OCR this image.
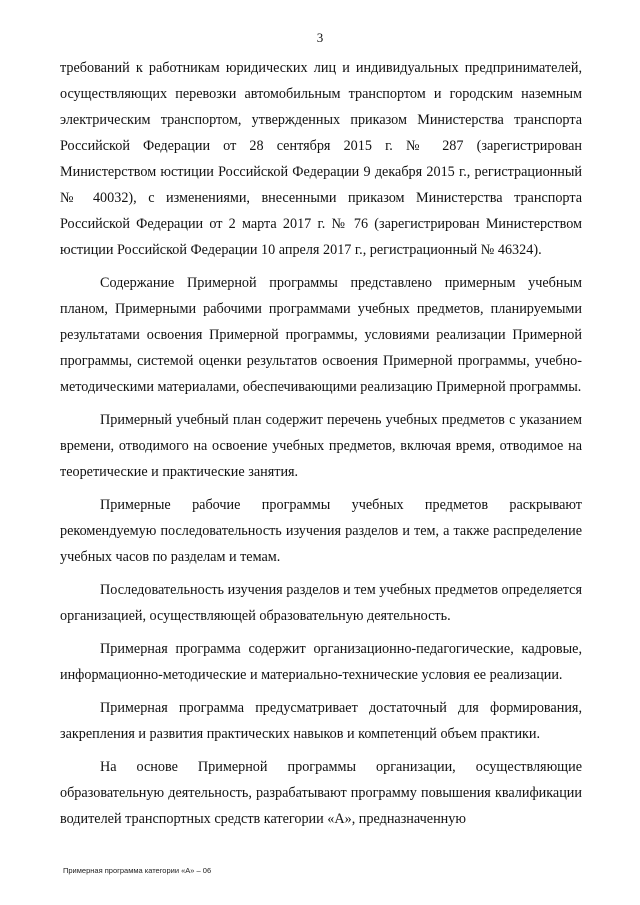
3

требований к работникам юридических лиц и индивидуальных предпринимателей, осуществляющих перевозки автомобильным транспортом и городским наземным электрическим транспортом, утвержденных приказом Министерства транспорта Российской Федерации от 28 сентября 2015 г. № 287 (зарегистрирован Министерством юстиции Российской Федерации 9 декабря 2015 г., регистрационный № 40032), с изменениями, внесенными приказом Министерства транспорта Российской Федерации от 2 марта 2017 г. № 76 (зарегистрирован Министерством юстиции Российской Федерации 10 апреля 2017 г., регистрационный № 46324).

Содержание Примерной программы представлено примерным учебным планом, Примерными рабочими программами учебных предметов, планируемыми результатами освоения Примерной программы, условиями реализации Примерной программы, системой оценки результатов освоения Примерной программы, учебно-методическими материалами, обеспечивающими реализацию Примерной программы.

Примерный учебный план содержит перечень учебных предметов с указанием времени, отводимого на освоение учебных предметов, включая время, отводимое на теоретические и практические занятия.

Примерные рабочие программы учебных предметов раскрывают рекомендуемую последовательность изучения разделов и тем, а также распределение учебных часов по разделам и темам.

Последовательность изучения разделов и тем учебных предметов определяется организацией, осуществляющей образовательную деятельность.

Примерная программа содержит организационно-педагогические, кадровые, информационно-методические и материально-технические условия ее реализации.

Примерная программа предусматривает достаточный для формирования, закрепления и развития практических навыков и компетенций объем практики.

На основе Примерной программы организации, осуществляющие образовательную деятельность, разрабатывают программу повышения квалификации водителей транспортных средств категории «А», предназначенную

Примерная программа категории «А» – 06
